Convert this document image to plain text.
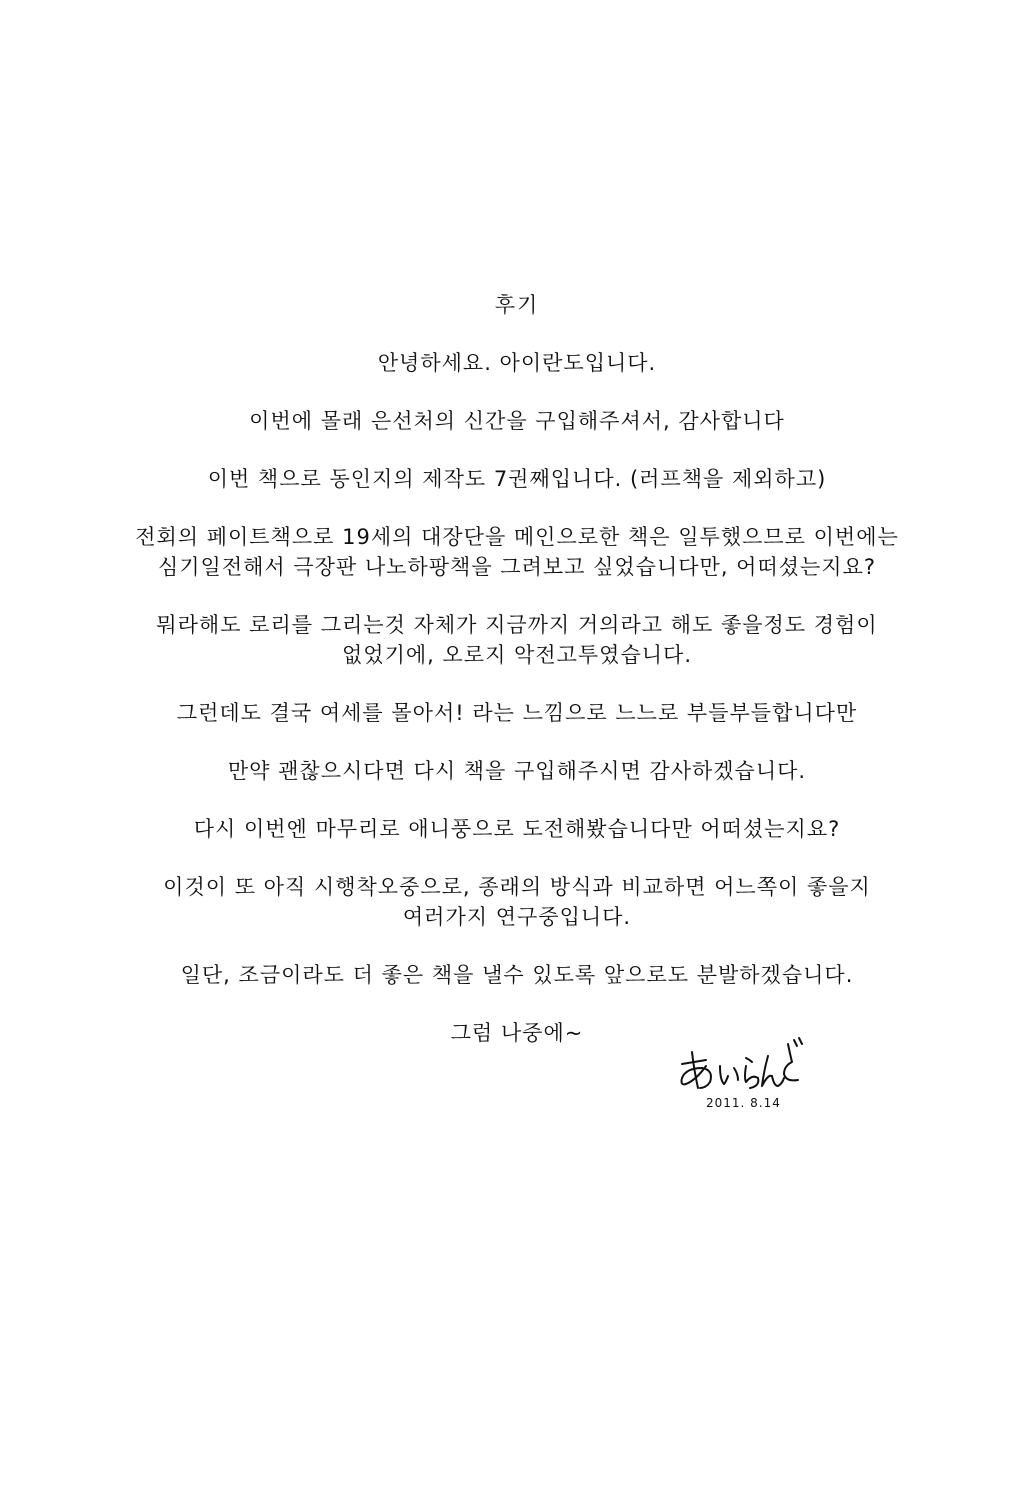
후기
안녕하세요. 아이란도입니다.
이번에 몰래 은선처의 신간을 구입해주셔서, 감사합니다
이번 책으로 동인지의 제작도 7권째입니다. (러프책을 제외하고)
전회의 페이트책으로 19세의 대장단을 메인으로한 책은 일투했으므로 이번에는
심기일전해서 극장판 나노하팡책을 그려보고 싶었습니다만, 어떠셨는지요?
뭐라해도 로리를 그리는것 자체가 지금까지 거의라고 해도 좋을정도 경험이
없었기에, 오로지 악전고투였습니다.
그런데도 결국 여세를 몰아서! 라는 느낌으로 느느로 부들부들합니다만
만약 괜찮으시다면 다시 책을 구입해주시면 감사하겠습니다.
다시 이번엔 마무리로 애니풍으로 도전해봤습니다만 어떠셨는지요?
이것이 또 아직 시행착오중으로, 종래의 방식과 비교하면 어느쪽이 좋을지
여러가지 연구중입니다.
일단, 조금이라도 더 좋은 책을 낼수 있도록 앞으로도 분발하겠습니다.
그럼 나중에~
2011. 8.14
